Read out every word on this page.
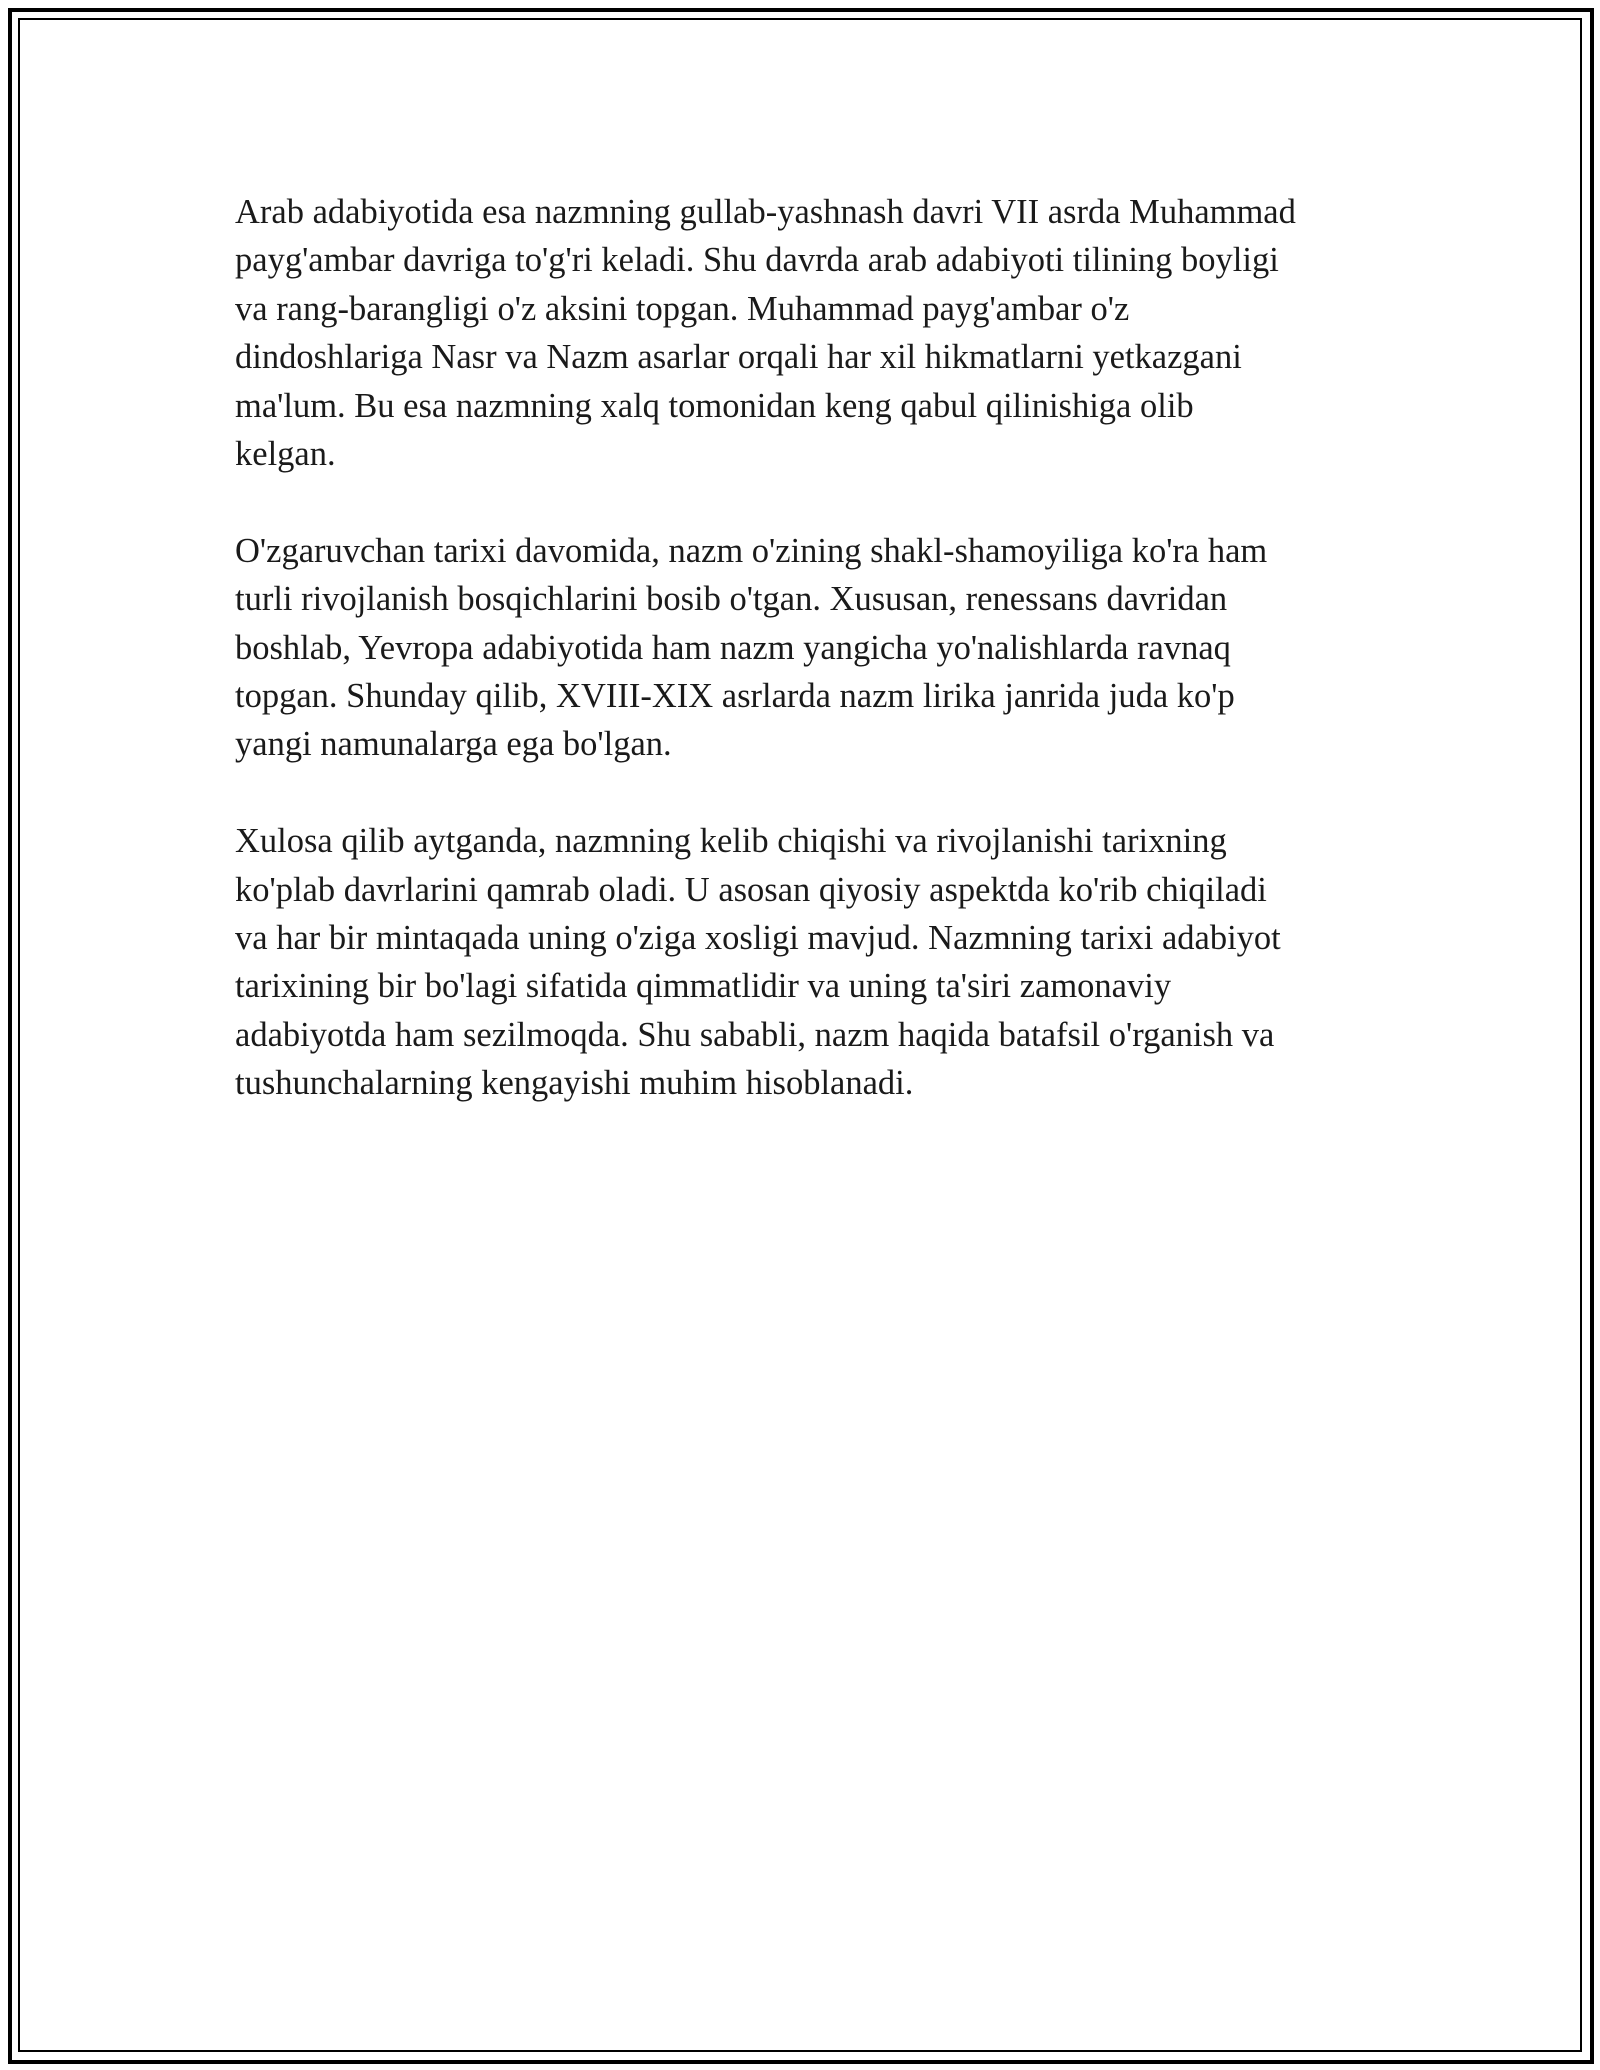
Arab adabiyotida esa nazmning gullab-yashnash davri VII asrda Muhammad
payg'ambar davriga to'g'ri keladi. Shu davrda arab adabiyoti tilining boyligi
va rang-barangligi o'z aksini topgan. Muhammad payg'ambar o'z
dindoshlariga Nasr va Nazm asarlar orqali har xil hikmatlarni yetkazgani
ma'lum. Bu esa nazmning xalq tomonidan keng qabul qilinishiga olib
kelgan.

O'zgaruvchan tarixi davomida, nazm o'zining shakl-shamoyiliga ko'ra ham
turli rivojlanish bosqichlarini bosib o'tgan. Xususan, renessans davridan
boshlab, Yevropa adabiyotida ham nazm yangicha yo'nalishlarda ravnaq
topgan. Shunday qilib, XVIII-XIX asrlarda nazm lirika janrida juda ko'p
yangi namunalarga ega bo'lgan.

Xulosa qilib aytganda, nazmning kelib chiqishi va rivojlanishi tarixning
ko'plab davrlarini qamrab oladi. U asosan qiyosiy aspektda ko'rib chiqiladi
va har bir mintaqada uning o'ziga xosligi mavjud. Nazmning tarixi adabiyot
tarixining bir bo'lagi sifatida qimmatlidir va uning ta'siri zamonaviy
adabiyotda ham sezilmoqda. Shu sababli, nazm haqida batafsil o'rganish va
tushunchalarning kengayishi muhim hisoblanadi.
